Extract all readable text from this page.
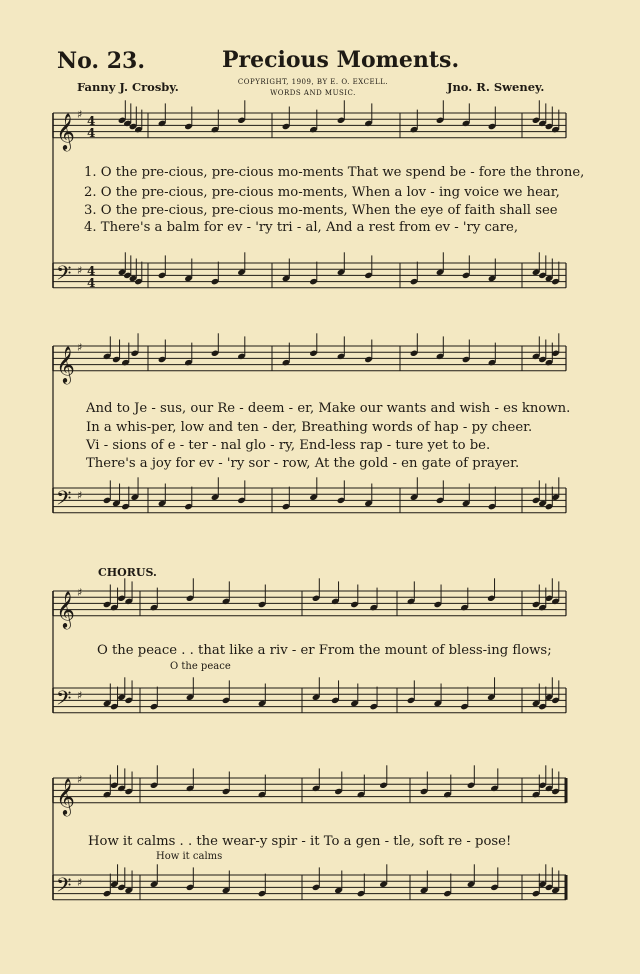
No. 23.	Precious Moments.
Fanny J. Crosby.	COPYRIGHT, 1909, BY E. O. EXCELL.
WORDS AND MUSIC.	Jno. R. Sweney.
𝄞 ♯
𝄢 ♯
𝄞 ♯
𝄢 ♯
𝄞 ♯
𝄢 ♯
𝄞 ♯
𝄢 ♯
4
4
4
4
1. O the pre-cious, pre-cious mo-ments That we spend be - fore the throne,
2. O the pre-cious, pre-cious mo-ments, When a lov - ing voice we hear,
3. O the pre-cious, pre-cious mo-ments, When the eye of faith shall see
4. There's a balm for ev - 'ry tri - al, And a rest from ev - 'ry care,
And to Je - sus, our Re - deem - er, Make our wants and wish - es known.
In a whis-per, low and ten - der, Breathing words of hap - py cheer.
Vi - sions of e - ter - nal glo - ry, End-less rap - ture yet to be.
There's a joy for ev - 'ry sor - row, At the gold - en gate of prayer.
CHORUS.
O the peace . . that like a riv - er From the mount of bless-ing flows;
O the peace
How it calms . . the wear-y spir - it To a gen - tle, soft re - pose!
How it calms
